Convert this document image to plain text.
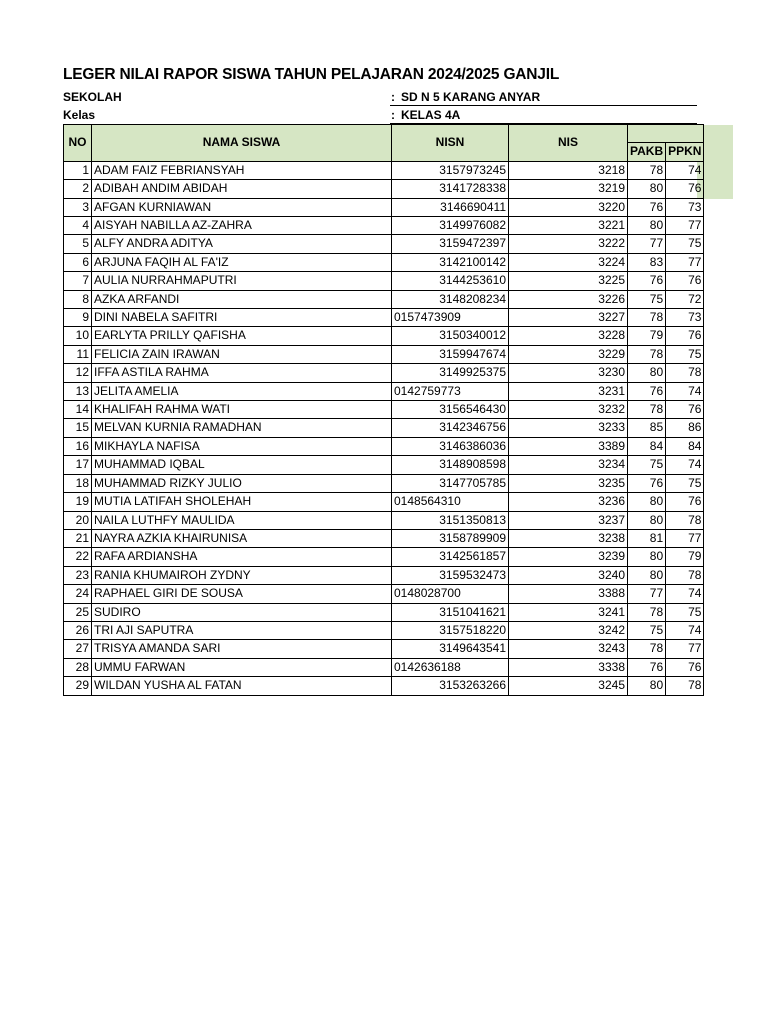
LEGER NILAI RAPOR SISWA TAHUN PELAJARAN 2024/2025 GANJIL
SEKOLAH	: SD N 5 KARANG ANYAR
Kelas	: KELAS 4A
NO	NAMA SISWA	NISN	NIS		
				PAKB	PPKN
1	ADAM FAIZ FEBRIANSYAH	3157973245	3218	78	74
2	ADIBAH ANDIM ABIDAH	3141728338	3219	80	76
3	AFGAN KURNIAWAN	3146690411	3220	76	73
4	AISYAH NABILLA AZ-ZAHRA	3149976082	3221	80	77
5	ALFY ANDRA ADITYA	3159472397	3222	77	75
6	ARJUNA FAQIH AL FA'IZ	3142100142	3224	83	77
7	AULIA NURRAHMAPUTRI	3144253610	3225	76	76
8	AZKA ARFANDI	3148208234	3226	75	72
9	DINI NABELA SAFITRI	0157473909	3227	78	73
10	EARLYTA PRILLY QAFISHA	3150340012	3228	79	76
11	FELICIA ZAIN IRAWAN	3159947674	3229	78	75
12	IFFA ASTILA RAHMA	3149925375	3230	80	78
13	JELITA AMELIA	0142759773	3231	76	74
14	KHALIFAH RAHMA WATI	3156546430	3232	78	76
15	MELVAN KURNIA RAMADHAN	3142346756	3233	85	86
16	MIKHAYLA NAFISA	3146386036	3389	84	84
17	MUHAMMAD IQBAL	3148908598	3234	75	74
18	MUHAMMAD RIZKY JULIO	3147705785	3235	76	75
19	MUTIA LATIFAH SHOLEHAH	0148564310	3236	80	76
20	NAILA LUTHFY MAULIDA	3151350813	3237	80	78
21	NAYRA AZKIA KHAIRUNISA	3158789909	3238	81	77
22	RAFA ARDIANSHA	3142561857	3239	80	79
23	RANIA KHUMAIROH ZYDNY	3159532473	3240	80	78
24	RAPHAEL GIRI DE SOUSA	0148028700	3388	77	74
25	SUDIRO	3151041621	3241	78	75
26	TRI AJI SAPUTRA	3157518220	3242	75	74
27	TRISYA AMANDA SARI	3149643541	3243	78	77
28	UMMU FARWAN	0142636188	3338	76	76
29	WILDAN YUSHA AL FATAN	3153263266	3245	80	78
